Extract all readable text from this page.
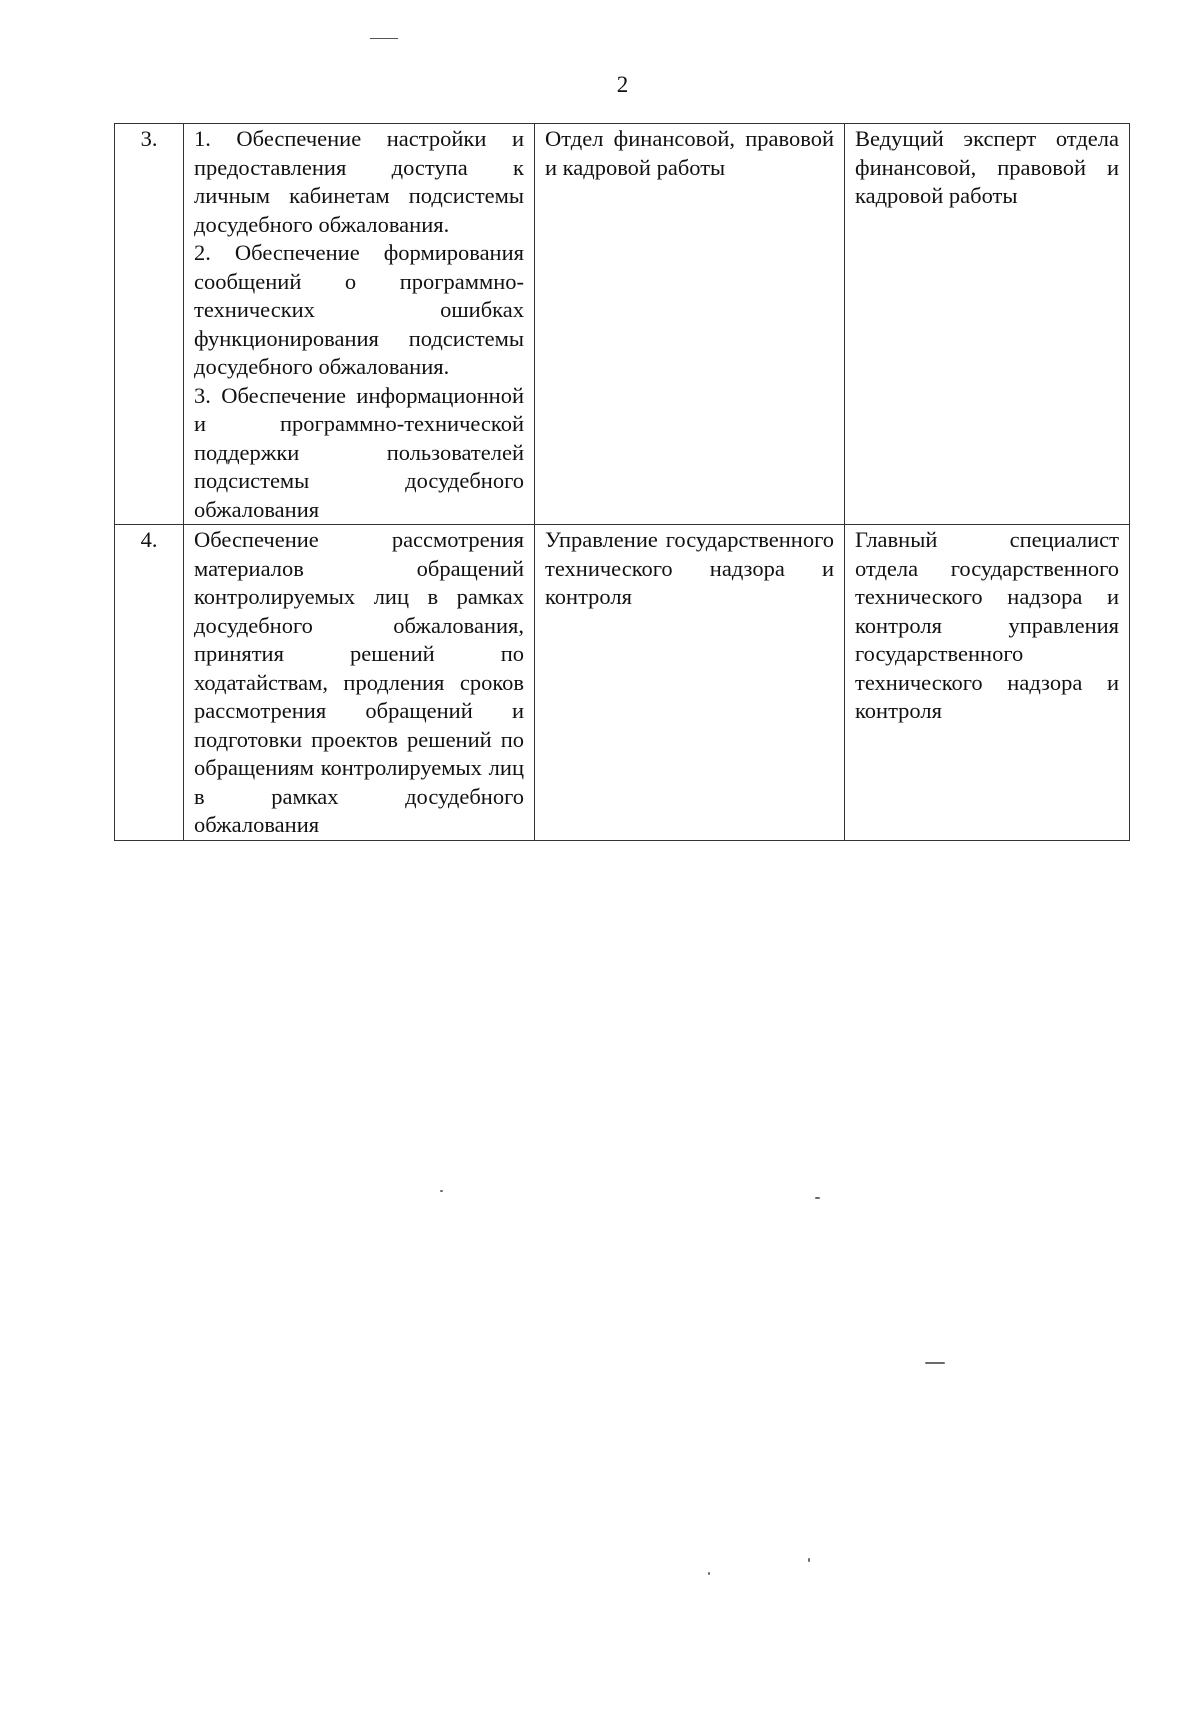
2
3.	1. Обеспечение настройки и предоставления доступа к личным кабинетам подсистемы досудебного обжалования.
2. Обеспечение формирования сообщений о программно-технических ошибках функционирования подсистемы досудебного обжалования.
3. Обеспечение информационной и программно-технической поддержки пользователей подсистемы досудебного обжалования	Отдел финансовой, правовой и кадровой работы	Ведущий эксперт отдела финансовой, правовой и кадровой работы
4.	Обеспечение рассмотрения материалов обращений контролируемых лиц в рамках досудебного обжалования, принятия решений по ходатайствам, продления сроков рассмотрения обращений и подготовки проектов решений по обращениям контролируемых лиц в рамках досудебного обжалования	Управление государственного технического надзора и контроля	Главный специалист отдела государственного технического надзора и контроля управления государственного технического надзора и контроля
